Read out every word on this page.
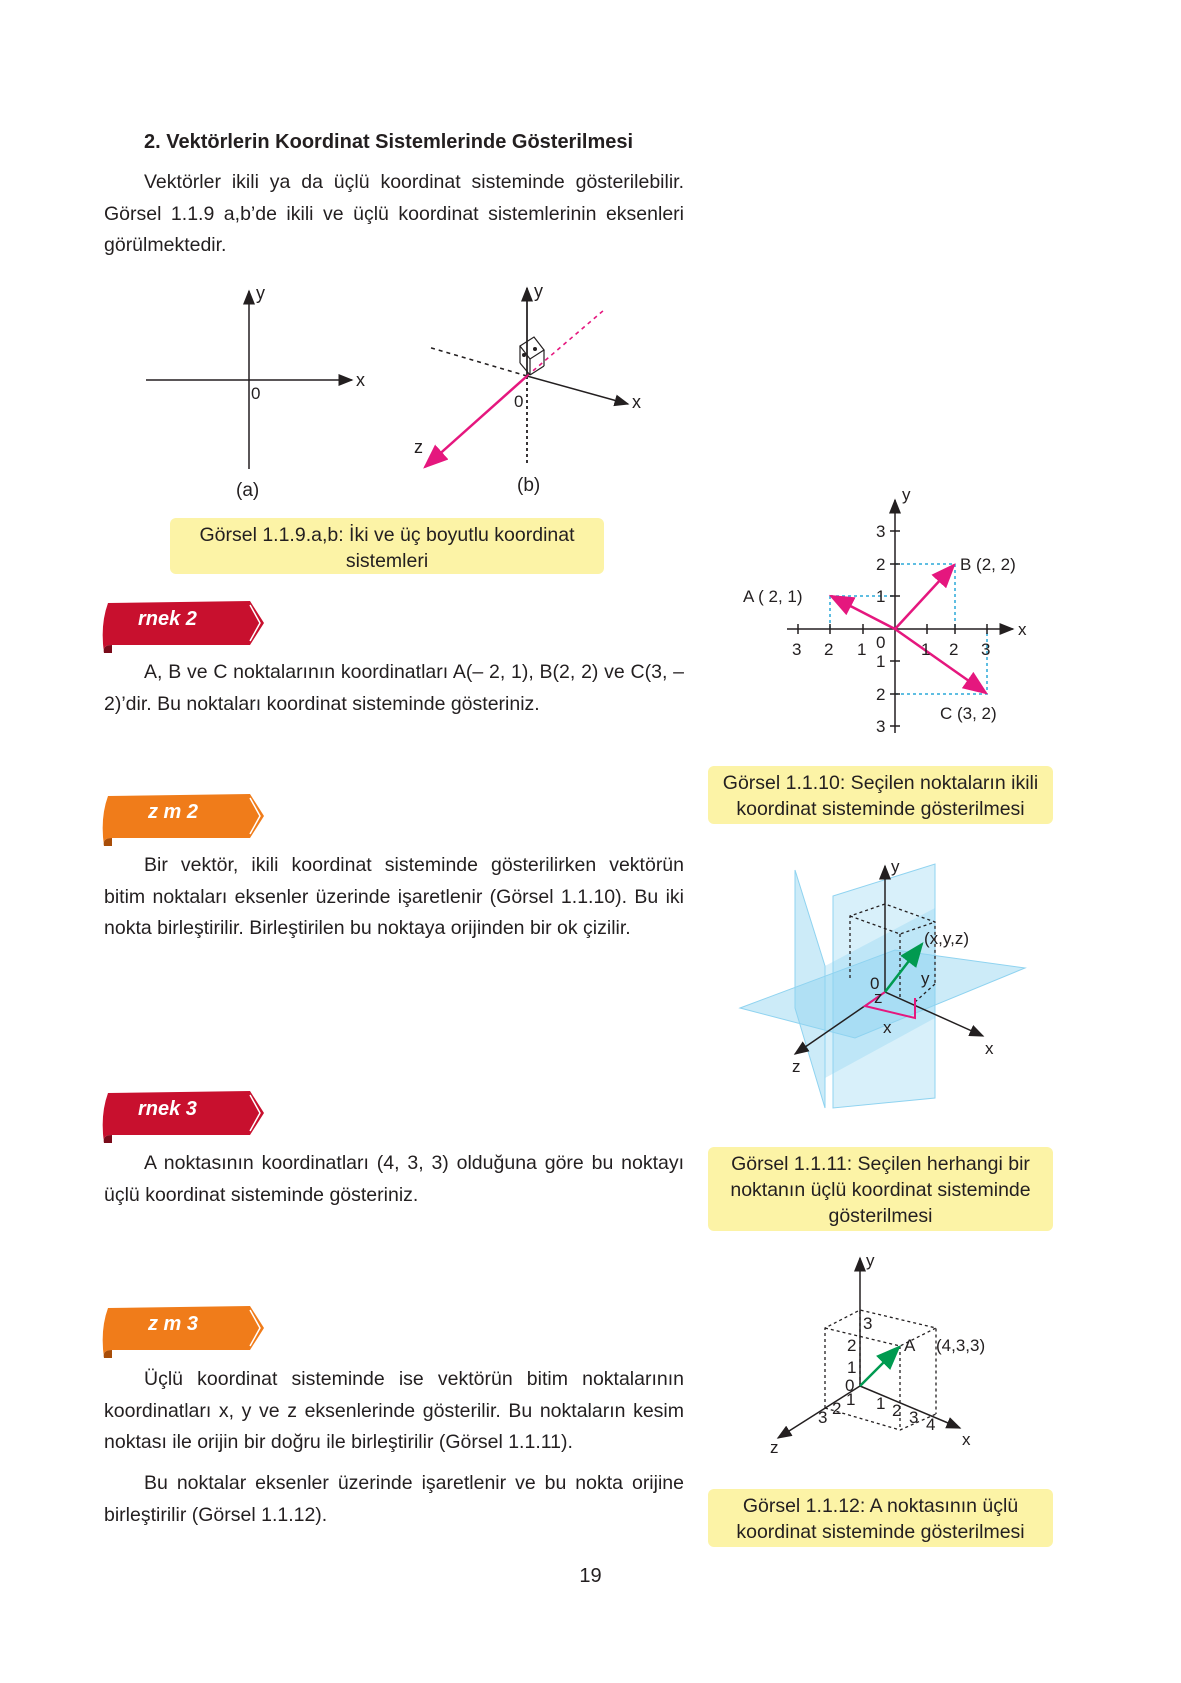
2. Vektörlerin Koordinat Sistemlerinde Gösterilmesi
Vektörler ikili ya da üçlü koordinat sisteminde gösterilebilir. Görsel 1.1.9 a,b’de ikili ve üçlü koordinat sistemlerinin eksenleri görülmektedir.
y
x
0
(a)
y
x
z
0
(b)
Görsel 1.1.9.a,b: İki ve üç boyutlu koordinat
sistemleri
rnek 2
A, B ve C noktalarının koordinatları A(– 2, 1), B(2, 2) ve C(3, – 2)’dir. Bu noktaları koordinat sisteminde gösteriniz.
z m 2
Bir vektör, ikili koordinat sisteminde gösterilirken vektörün bitim noktaları eksenler üzerinde işaretlenir (Görsel 1.1.10). Bu iki nokta birleştirilir. Birleştirilen bu noktaya orijinden bir ok çizilir.
rnek 3
A noktasının koordinatları (4, 3, 3) olduğuna göre bu noktayı üçlü koordinat sisteminde gösteriniz.
z m 3
Üçlü koordinat sisteminde ise vektörün bitim noktalarının koordinatları x, y ve z eksenlerinde gösterilir. Bu noktaların kesim noktası ile orijin bir doğru ile birleştirilir (Görsel 1.1.11).
Bu noktalar eksenler üzerinde işaretlenir ve bu nokta orijine birleştirilir (Görsel 1.1.12).
y
x
0
3 2 1	1 2 3
3
2
1
1
2
3
A ( 2, 1)
B (2, 2)
C (3, 2)
Görsel 1.1.10: Seçilen noktaların ikili
koordinat sisteminde gösterilmesi
y
x
z
0
(x,y,z)
y
z
x
Görsel 1.1.11: Seçilen herhangi bir
noktanın üçlü koordinat sisteminde
gösterilmesi
y
x
z
0
1
2
3
1 2 3 4
1
2
3
A (4,3,3)
Görsel 1.1.12: A noktasının üçlü
koordinat sisteminde gösterilmesi
19
